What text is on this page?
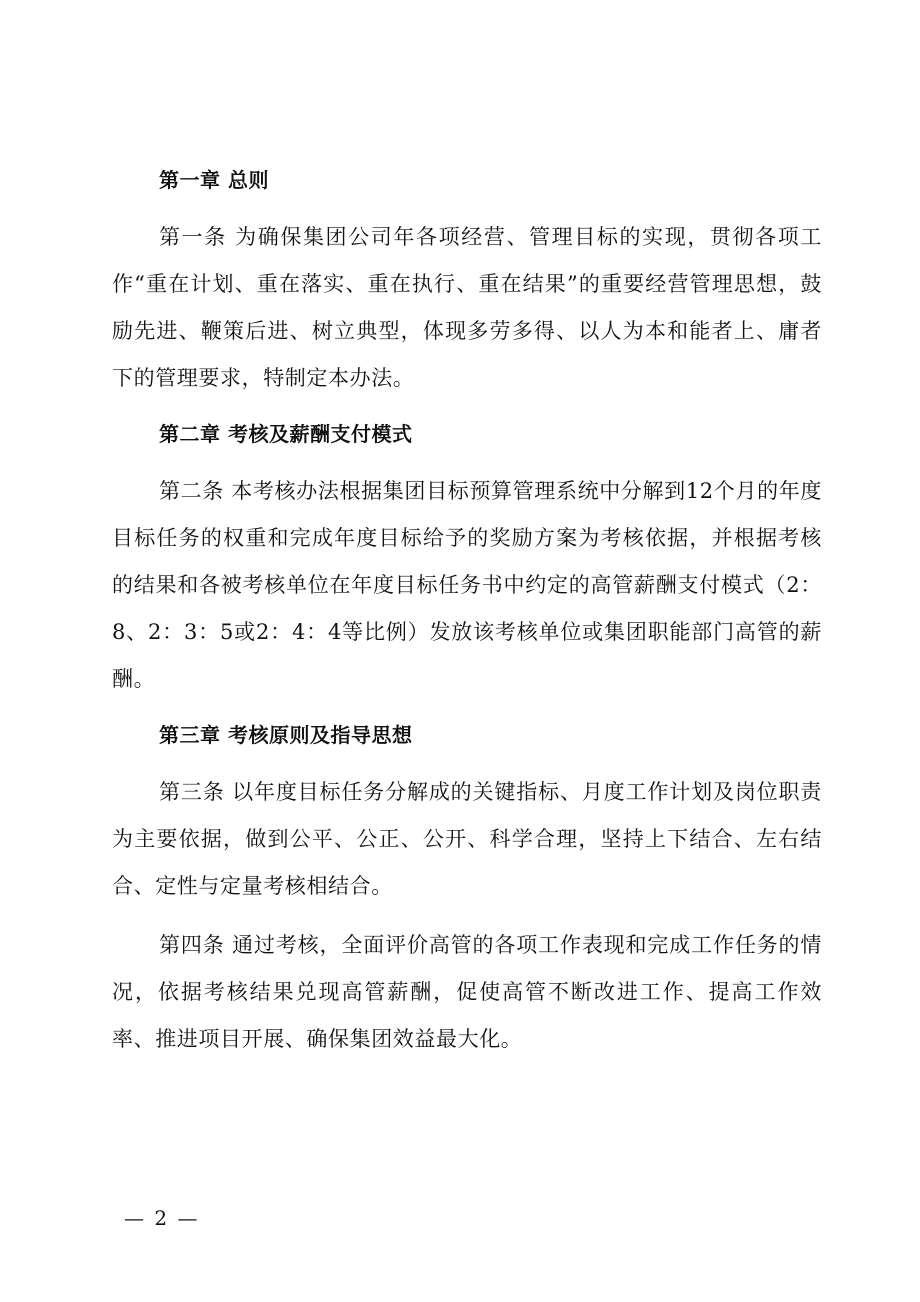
第一章 总则

第一条 为确保集团公司年各项经营、管理目标的实现，贯彻各项工作“重在计划、重在落实、重在执行、重在结果”的重要经营管理思想，鼓励先进、鞭策后进、树立典型，体现多劳多得、以人为本和能者上、庸者下的管理要求，特制定本办法。

第二章 考核及薪酬支付模式

第二条 本考核办法根据集团目标预算管理系统中分解到12个月的年度目标任务的权重和完成年度目标给予的奖励方案为考核依据，并根据考核的结果和各被考核单位在年度目标任务书中约定的高管薪酬支付模式（2：8、2：3：5或2：4：4等比例）发放该考核单位或集团职能部门高管的薪酬。

第三章 考核原则及指导思想

第三条 以年度目标任务分解成的关键指标、月度工作计划及岗位职责为主要依据，做到公平、公正、公开、科学合理，坚持上下结合、左右结合、定性与定量考核相结合。

第四条 通过考核，全面评价高管的各项工作表现和完成工作任务的情况，依据考核结果兑现高管薪酬，促使高管不断改进工作、提高工作效率、推进项目开展、确保集团效益最大化。

— 2 —
